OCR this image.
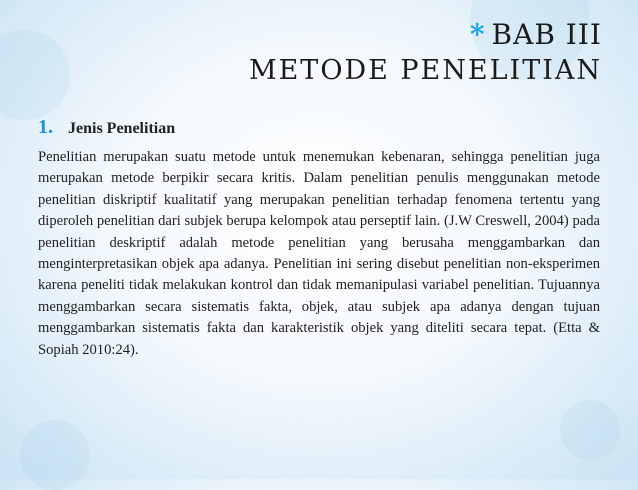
* BAB III
METODE PENELITIAN
1. Jenis Penelitian

Penelitian merupakan suatu metode untuk menemukan kebenaran, sehingga penelitian juga merupakan metode berpikir secara kritis. Dalam penelitian penulis menggunakan metode penelitian diskriptif kualitatif yang merupakan penelitian terhadap fenomena tertentu yang diperoleh penelitian dari subjek berupa kelompok atau perseptif lain. (J.W Creswell, 2004) pada penelitian deskriptif adalah metode penelitian yang berusaha menggambarkan dan menginterpretasikan objek apa adanya. Penelitian ini sering disebut penelitian non-eksperimen karena peneliti tidak melakukan kontrol dan tidak memanipulasi variabel penelitian. Tujuannya menggambarkan secara sistematis fakta, objek, atau subjek apa adanya dengan tujuan menggambarkan sistematis fakta dan karakteristik objek yang diteliti secara tepat. (Etta & Sopiah 2010:24).
